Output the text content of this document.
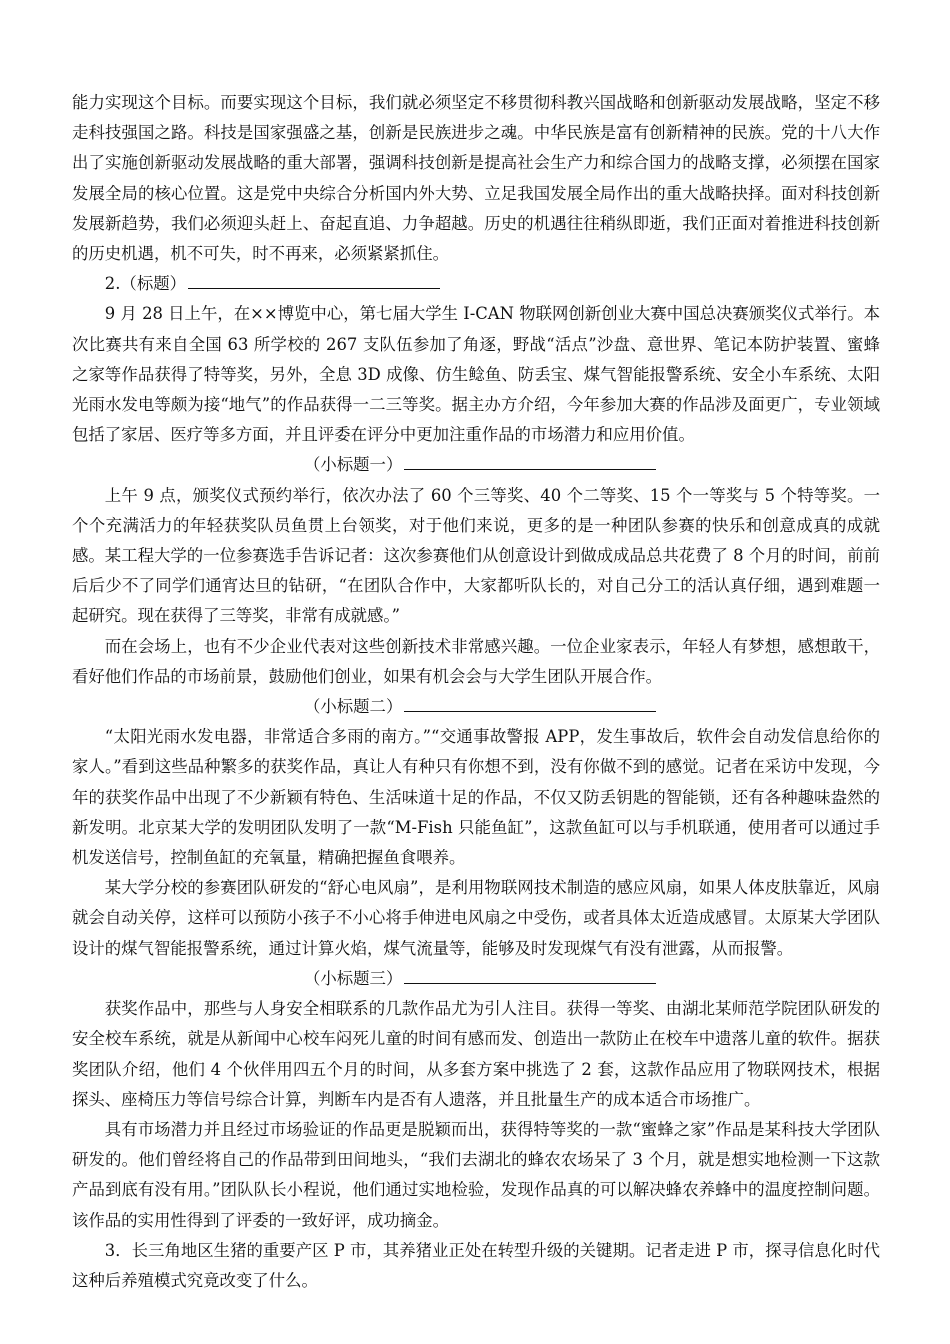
能力实现这个目标。而要实现这个目标，我们就必须坚定不移贯彻科教兴国战略和创新驱动发展战略，坚定不移走科技强国之路。科技是国家强盛之基，创新是民族进步之魂。中华民族是富有创新精神的民族。党的十八大作出了实施创新驱动发展战略的重大部署，强调科技创新是提高社会生产力和综合国力的战略支撑，必须摆在国家发展全局的核心位置。这是党中央综合分析国内外大势、立足我国发展全局作出的重大战略抉择。面对科技创新发展新趋势，我们必须迎头赶上、奋起直追、力争超越。历史的机遇往往稍纵即逝，我们正面对着推进科技创新的历史机遇，机不可失，时不再来，必须紧紧抓住。

2.（标题）

9 月 28 日上午，在××博览中心，第七届大学生 I-CAN 物联网创新创业大赛中国总决赛颁奖仪式举行。本次比赛共有来自全国 63 所学校的 267 支队伍参加了角逐，野战“活点”沙盘、意世界、笔记本防护装置、蜜蜂之家等作品获得了特等奖，另外，全息 3D 成像、仿生鲶鱼、防丢宝、煤气智能报警系统、安全小车系统、太阳光雨水发电等颇为接“地气”的作品获得一二三等奖。据主办方介绍，今年参加大赛的作品涉及面更广，专业领域包括了家居、医疗等多方面，并且评委在评分中更加注重作品的市场潜力和应用价值。

（小标题一）

上午 9 点，颁奖仪式预约举行，依次办法了 60 个三等奖、40 个二等奖、15 个一等奖与 5 个特等奖。一个个充满活力的年轻获奖队员鱼贯上台领奖，对于他们来说，更多的是一种团队参赛的快乐和创意成真的成就感。某工程大学的一位参赛选手告诉记者：这次参赛他们从创意设计到做成成品总共花费了 8 个月的时间，前前后后少不了同学们通宵达旦的钻研，“在团队合作中，大家都听队长的，对自己分工的活认真仔细，遇到难题一起研究。现在获得了三等奖，非常有成就感。”

而在会场上，也有不少企业代表对这些创新技术非常感兴趣。一位企业家表示，年轻人有梦想，感想敢干，看好他们作品的市场前景，鼓励他们创业，如果有机会会与大学生团队开展合作。

（小标题二）

“太阳光雨水发电器，非常适合多雨的南方。”“交通事故警报 APP，发生事故后，软件会自动发信息给你的家人。”看到这些品种繁多的获奖作品，真让人有种只有你想不到，没有你做不到的感觉。记者在采访中发现，今年的获奖作品中出现了不少新颖有特色、生活味道十足的作品，不仅又防丢钥匙的智能锁，还有各种趣味盎然的新发明。北京某大学的发明团队发明了一款“M-Fish 只能鱼缸”，这款鱼缸可以与手机联通，使用者可以通过手机发送信号，控制鱼缸的充氧量，精确把握鱼食喂养。

某大学分校的参赛团队研发的“舒心电风扇”，是利用物联网技术制造的感应风扇，如果人体皮肤靠近，风扇就会自动关停，这样可以预防小孩子不小心将手伸进电风扇之中受伤，或者具体太近造成感冒。太原某大学团队设计的煤气智能报警系统，通过计算火焰，煤气流量等，能够及时发现煤气有没有泄露，从而报警。

（小标题三）

获奖作品中，那些与人身安全相联系的几款作品尤为引人注目。获得一等奖、由湖北某师范学院团队研发的安全校车系统，就是从新闻中心校车闷死儿童的时间有感而发、创造出一款防止在校车中遗落儿童的软件。据获奖团队介绍，他们 4 个伙伴用四五个月的时间，从多套方案中挑选了 2 套，这款作品应用了物联网技术，根据探头、座椅压力等信号综合计算，判断车内是否有人遗落，并且批量生产的成本适合市场推广。

具有市场潜力并且经过市场验证的作品更是脱颖而出，获得特等奖的一款“蜜蜂之家”作品是某科技大学团队研发的。他们曾经将自己的作品带到田间地头，“我们去湖北的蜂农农场呆了 3 个月，就是想实地检测一下这款产品到底有没有用。”团队队长小程说，他们通过实地检验，发现作品真的可以解决蜂农养蜂中的温度控制问题。该作品的实用性得到了评委的一致好评，成功摘金。

3．长三角地区生猪的重要产区 P 市，其养猪业正处在转型升级的关键期。记者走进 P 市，探寻信息化时代这种后养殖模式究竟改变了什么。
